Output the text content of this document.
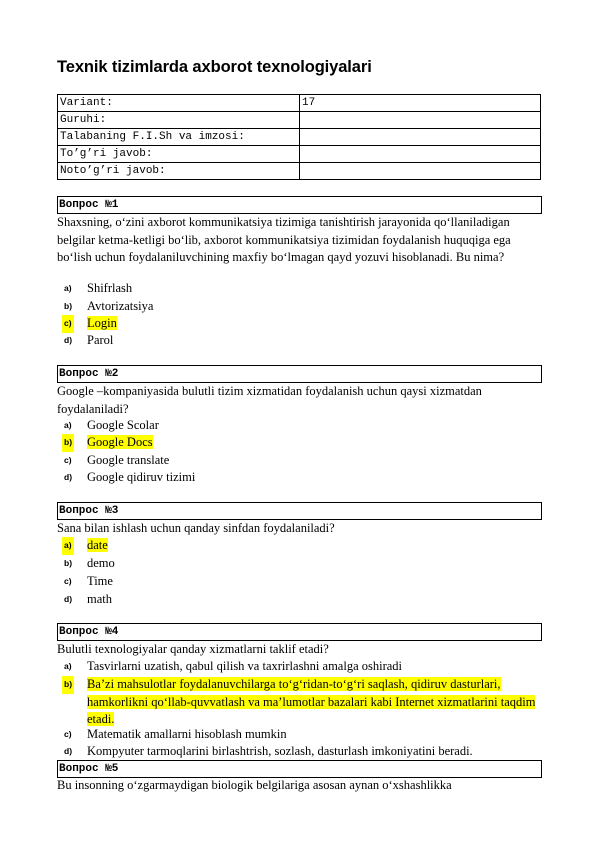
Texnik tizimlarda axborot texnologiyalari
Variant:	17
Guruhi:	
Talabaning F.I.Sh va imzosi:	
To’g’ri javob:	
Noto’g’ri javob:	
Вопрос №1
Shaxsning, o‘zini axborot kommunikatsiya tizimiga tanishtirish jarayonida qo‘llaniladigan belgilar ketma-ketligi bo‘lib, axborot kommunikatsiya tizimidan foydalanish huquqiga ega bo‘lish uchun foydalaniluvchining maxfiy bo‘lmagan qayd yozuvi hisoblanadi. Bu nima?
a) Shifrlash
b) Avtorizatsiya
c) Login
d) Parol
Вопрос №2
Google –kompaniyasida bulutli tizim xizmatidan foydalanish uchun qaysi xizmatdan foydalaniladi?
a) Google Scolar
b) Google Docs
c) Google translate
d) Google qidiruv tizimi
Вопрос №3
Sana bilan ishlash uchun qanday sinfdan foydalaniladi?
a) date
b) demo
c) Time
d) math
Вопрос №4
Bulutli texnologiyalar qanday xizmatlarni taklif etadi?
a) Tasvirlarni uzatish, qabul qilish va taxrirlashni amalga oshiradi
b) Ba’zi mahsulotlar foydalanuvchilarga to‘g‘ridan-to‘g‘ri saqlash, qidiruv dasturlari, hamkorlikni qo‘llab-quvvatlash va ma’lumotlar bazalari kabi Internet xizmatlarini taqdim etadi.
c) Matematik amallarni hisoblash mumkin
d) Kompyuter tarmoqlarini birlashtrish, sozlash, dasturlash imkoniyatini beradi.
Вопрос №5
Bu insonning o‘zgarmaydigan biologik belgilariga asosan aynan o‘xshashlikka
